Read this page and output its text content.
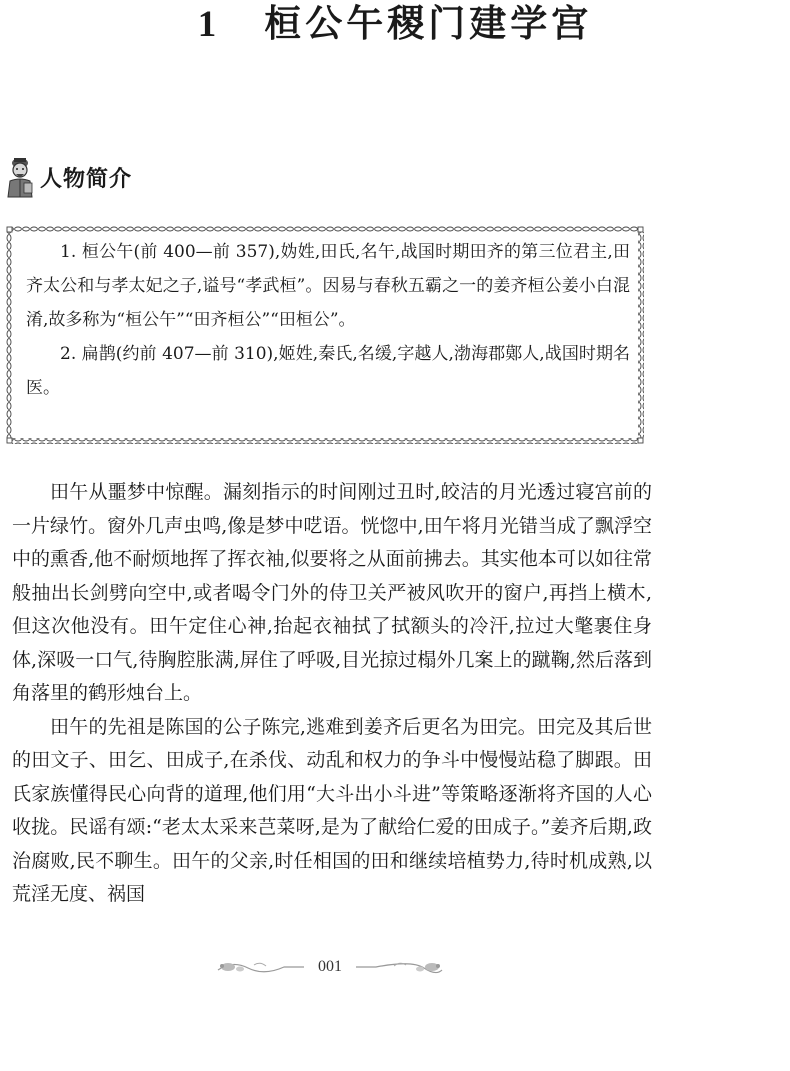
1 桓公午稷门建学宫
人物简介

1. 桓公午(前 400—前 357),妫姓,田氏,名午,战国时期田齐的第三位君主,田齐太公和与孝太妃之子,谥号“孝武桓”。因易与春秋五霸之一的姜齐桓公姜小白混淆,故多称为“桓公午”“田齐桓公”“田桓公”。

2. 扁鹊(约前 407—前 310),姬姓,秦氏,名缓,字越人,渤海郡鄚人,战国时期名医。

田午从噩梦中惊醒。漏刻指示的时间刚过丑时,皎洁的月光透过寝宫前的一片绿竹。窗外几声虫鸣,像是梦中呓语。恍惚中,田午将月光错当成了飘浮空中的熏香,他不耐烦地挥了挥衣袖,似要将之从面前拂去。其实他本可以如往常般抽出长剑劈向空中,或者喝令门外的侍卫关严被风吹开的窗户,再挡上横木,但这次他没有。田午定住心神,抬起衣袖拭了拭额头的冷汗,拉过大氅裹住身体,深吸一口气,待胸腔胀满,屏住了呼吸,目光掠过榻外几案上的蹴鞠,然后落到角落里的鹤形烛台上。

田午的先祖是陈国的公子陈完,逃难到姜齐后更名为田完。田完及其后世的田文子、田乞、田成子,在杀伐、动乱和权力的争斗中慢慢站稳了脚跟。田氏家族懂得民心向背的道理,他们用“大斗出小斗进”等策略逐渐将齐国的人心收拢。民谣有颂:“老太太采来芑菜呀,是为了献给仁爱的田成子。”姜齐后期,政治腐败,民不聊生。田午的父亲,时任相国的田和继续培植势力,待时机成熟,以荒淫无度、祸国

001
